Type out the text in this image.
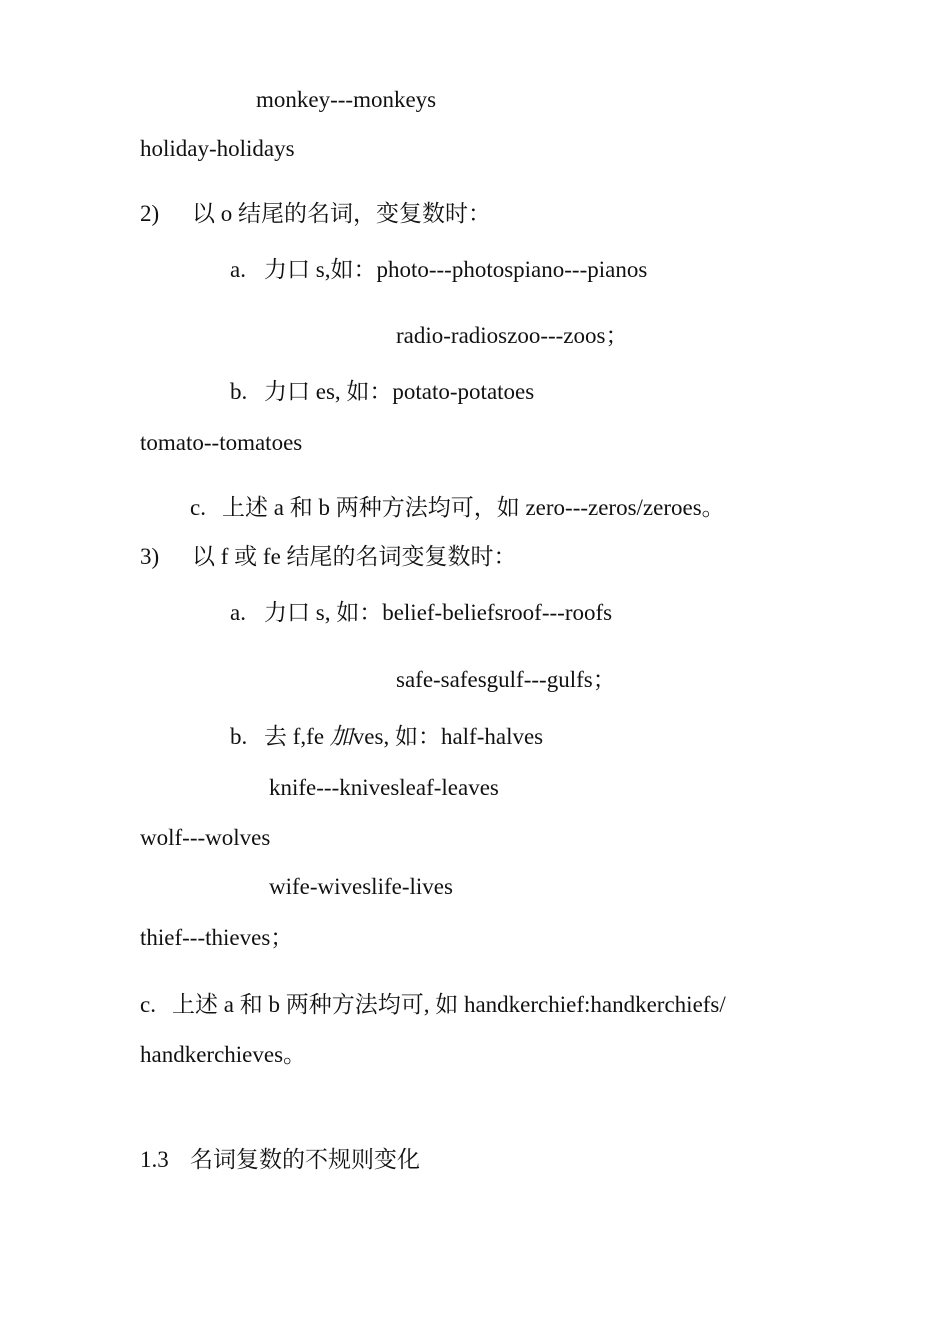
monkey---monkeys
holiday-holidays
2) 以 o 结尾的名词，变复数时：
a. 力口 s,如：photo---photospiano---pianos
radio-radioszoo---zoos；
b. 力口 es, 如：potato-potatoes
tomato--tomatoes
c. 上述 a 和 b 两种方法均可，如 zero---zeros/zeroes。
3) 以 f 或 fe 结尾的名词变复数时：
a. 力口 s, 如：belief-beliefsroof---roofs
safe-safesgulf---gulfs；
b. 去 f,fe 加ves, 如：half-halves
knife---knivesleaf-leaves
wolf---wolves
wife-wiveslife-lives
thief---thieves；
c. 上述 a 和 b 两种方法均可, 如 handkerchief:handkerchiefs/
handkerchieves。
1.3 名词复数的不规则变化
